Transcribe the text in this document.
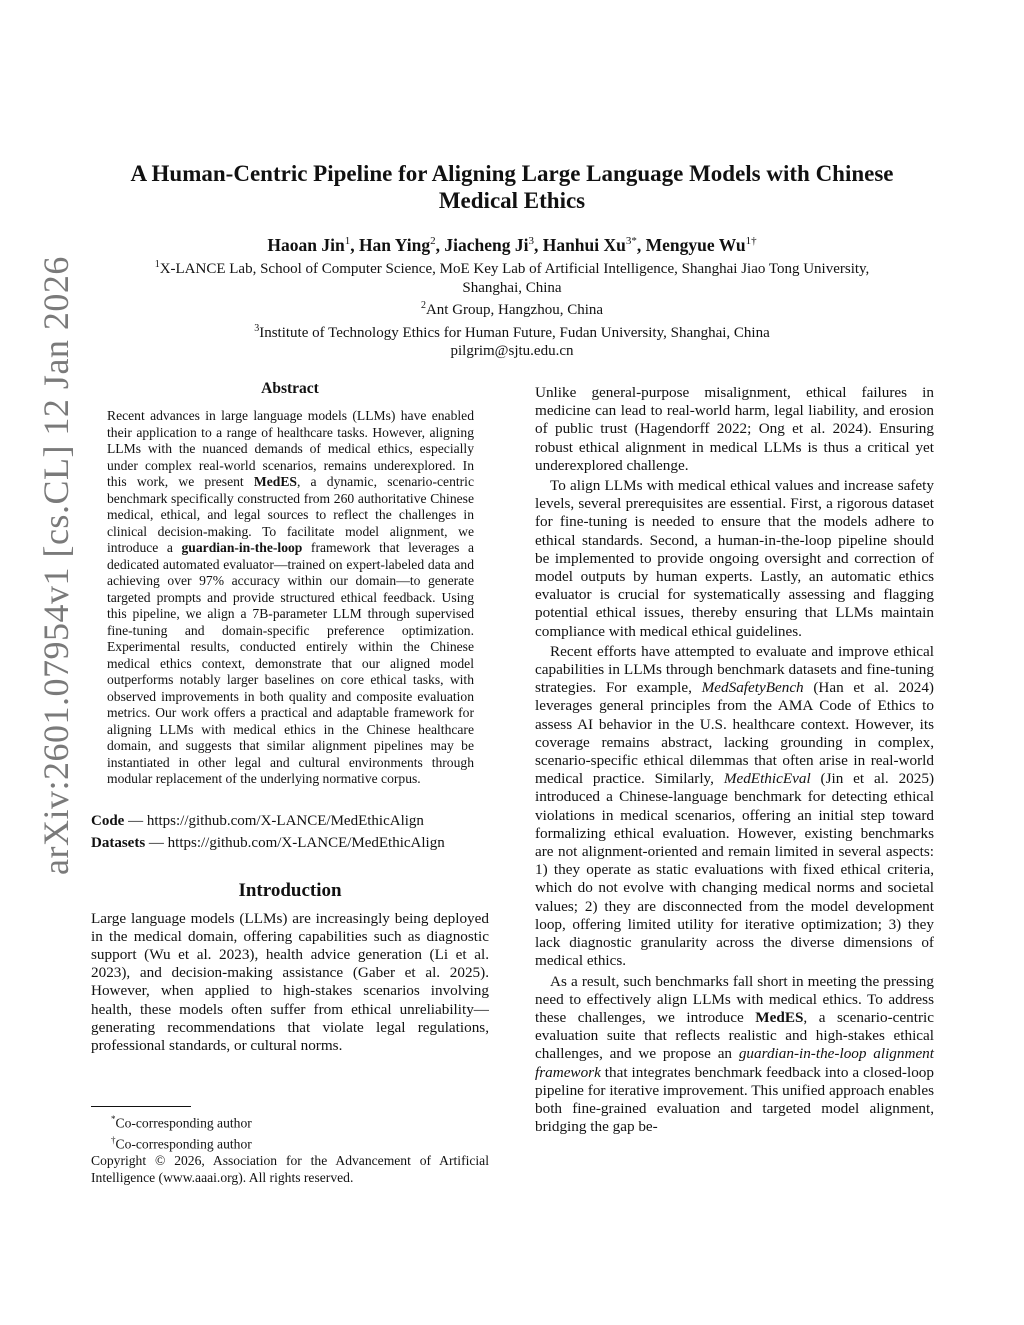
arXiv:2601.07954v1 [cs.CL] 12 Jan 2026
A Human-Centric Pipeline for Aligning Large Language Models with Chinese Medical Ethics
Haoan Jin$^1$, Han Ying$^2$, Jiacheng Ji$^3$, Hanhui $Xu^{3*}$, Mengyue $Wu^{1\dagger}$
$^1$X-LANCE Lab, School of Computer Science, MoE Key Lab of Artificial Intelligence, Shanghai Jiao Tong University,
Shanghai, China
$^2$Ant Group, Hangzhou, China
$^3$Institute of Technology Ethics for Human Future, Fudan University, Shanghai, China
pilgrim@sjtu.edu.cn
Abstract

Recent advances in large language models (LLMs) have enabled their application to a range of healthcare tasks. However, aligning LLMs with the nuanced demands of medical ethics, especially under complex real-world scenarios, remains underexplored. In this work, we present MedES, a dynamic, scenario-centric benchmark specifically constructed from 260 authoritative Chinese medical, ethical, and legal sources to reflect the challenges in clinical decision-making. To facilitate model alignment, we introduce a guardian-in-the-loop framework that leverages a dedicated automated evaluator—trained on expert-labeled data and achieving over 97% accuracy within our domain—to generate targeted prompts and provide structured ethical feedback. Using this pipeline, we align a 7B-parameter LLM through supervised fine-tuning and domain-specific preference optimization. Experimental results, conducted entirely within the Chinese medical ethics context, demonstrate that our aligned model outperforms notably larger baselines on core ethical tasks, with observed improvements in both quality and composite evaluation metrics. Our work offers a practical and adaptable framework for aligning LLMs with medical ethics in the Chinese healthcare domain, and suggests that similar alignment pipelines may be instantiated in other legal and cultural environments through modular replacement of the underlying normative corpus.

Code — https://github.com/X-LANCE/MedEthicAlign
Datasets — https://github.com/X-LANCE/MedEthicAlign
Introduction

Large language models (LLMs) are increasingly being deployed in the medical domain, offering capabilities such as diagnostic support (Wu et al. 2023), health advice generation (Li et al. 2023), and decision-making assistance (Gaber et al. 2025). However, when applied to high-stakes scenarios involving health, these models often suffer from ethical unreliability—generating recommendations that violate legal regulations, professional standards, or cultural norms.

*Co-corresponding author
†Co-corresponding author
Copyright © 2026, Association for the Advancement of Artificial Intelligence (www.aaai.org). All rights reserved.

Unlike general-purpose misalignment, ethical failures in medicine can lead to real-world harm, legal liability, and erosion of public trust (Hagendorff 2022; Ong et al. 2024). Ensuring robust ethical alignment in medical LLMs is thus a critical yet underexplored challenge.

To align LLMs with medical ethical values and increase safety levels, several prerequisites are essential. First, a rigorous dataset for fine-tuning is needed to ensure that the models adhere to ethical standards. Second, a human-in-the-loop pipeline should be implemented to provide ongoing oversight and correction of model outputs by human experts. Lastly, an automatic ethics evaluator is crucial for systematically assessing and flagging potential ethical issues, thereby ensuring that LLMs maintain compliance with medical ethical guidelines.

Recent efforts have attempted to evaluate and improve ethical capabilities in LLMs through benchmark datasets and fine-tuning strategies. For example, MedSafetyBench (Han et al. 2024) leverages general principles from the AMA Code of Ethics to assess AI behavior in the U.S. healthcare context. However, its coverage remains abstract, lacking grounding in complex, scenario-specific ethical dilemmas that often arise in real-world medical practice. Similarly, MedEthicEval (Jin et al. 2025) introduced a Chinese-language benchmark for detecting ethical violations in medical scenarios, offering an initial step toward formalizing ethical evaluation. However, existing benchmarks are not alignment-oriented and remain limited in several aspects: 1) they operate as static evaluations with fixed ethical criteria, which do not evolve with changing medical norms and societal values; 2) they are disconnected from the model development loop, offering limited utility for iterative optimization; 3) they lack diagnostic granularity across the diverse dimensions of medical ethics.

As a result, such benchmarks fall short in meeting the pressing need to effectively align LLMs with medical ethics. To address these challenges, we introduce MedES, a scenario-centric evaluation suite that reflects realistic and high-stakes ethical challenges, and we propose an guardian-in-the-loop alignment framework that integrates benchmark feedback into a closed-loop pipeline for iterative improvement. This unified approach enables both fine-grained evaluation and targeted model alignment, bridging the gap be-
